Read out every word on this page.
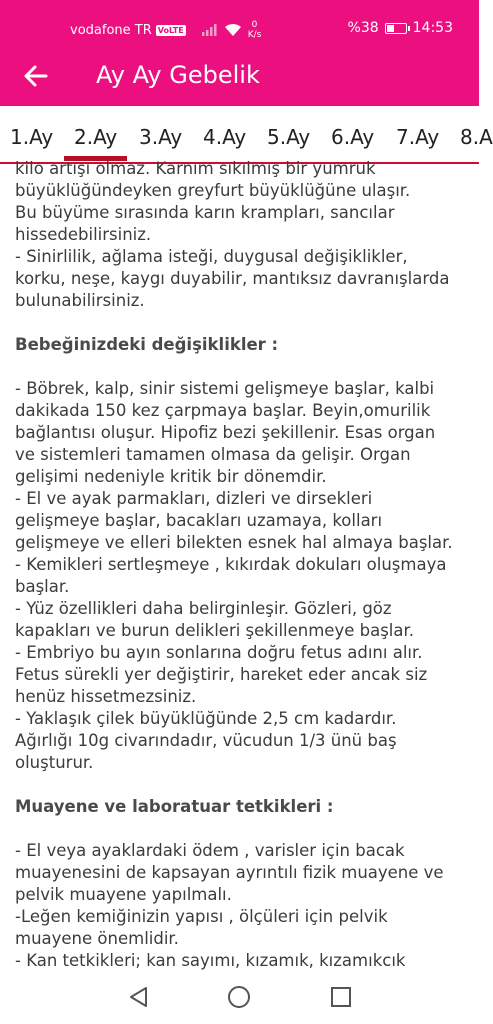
vodafone TR VoLTE	0
K/s	%38 14:53
Ay Ay Gebelik
1.Ay 2.Ay 3.Ay 4.Ay 5.Ay 6.Ay 7.Ay 8.A
kilo artışı olmaz. Karnım sıkılmış bir yumruk
büyüklüğündeyken greyfurt büyüklüğüne ulaşır.
Bu büyüme sırasında karın krampları, sancılar
hissedebilirsiniz.
- Sinirlilik, ağlama isteği, duygusal değişiklikler,
korku, neşe, kaygı duyabilir, mantıksız davranışlarda
bulunabilirsiniz.
Bebeğinizdeki değişiklikler :
- Böbrek, kalp, sinir sistemi gelişmeye başlar, kalbi
dakikada 150 kez çarpmaya başlar. Beyin,omurilik
bağlantısı oluşur. Hipofiz bezi şekillenir. Esas organ
ve sistemleri tamamen olmasa da gelişir. Organ
gelişimi nedeniyle kritik bir dönemdir.
- El ve ayak parmakları, dizleri ve dirsekleri
gelişmeye başlar, bacakları uzamaya, kolları
gelişmeye ve elleri bilekten esnek hal almaya başlar.
- Kemikleri sertleşmeye , kıkırdak dokuları oluşmaya
başlar.
- Yüz özellikleri daha belirginleşir. Gözleri, göz
kapakları ve burun delikleri şekillenmeye başlar.
- Embriyo bu ayın sonlarına doğru fetus adını alır.
Fetus sürekli yer değiştirir, hareket eder ancak siz
henüz hissetmezsiniz.
- Yaklaşık çilek büyüklüğünde 2,5 cm kadardır.
Ağırlığı 10g civarındadır, vücudun 1/3 ünü baş
oluşturur.
Muayene ve laboratuar tetkikleri :
- El veya ayaklardaki ödem , varisler için bacak
muayenesini de kapsayan ayrıntılı fizik muayene ve
pelvik muayene yapılmalı.
-Leğen kemiğinizin yapısı , ölçüleri için pelvik
muayene önemlidir.
- Kan tetkikleri; kan sayımı, kızamık, kızamıkcık
